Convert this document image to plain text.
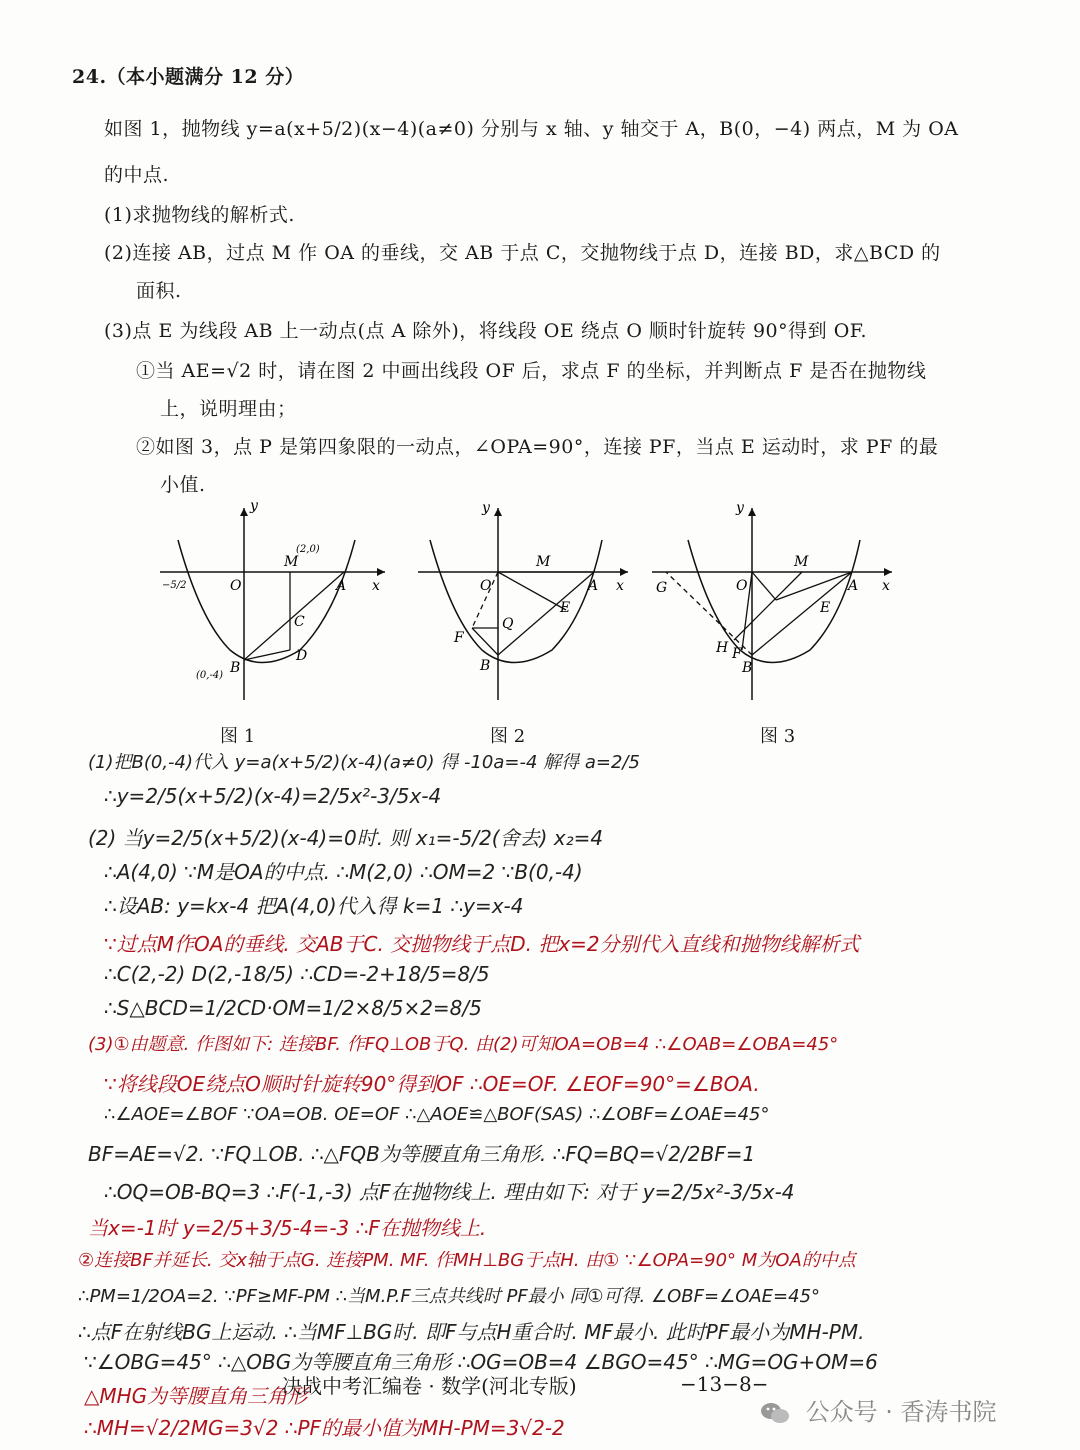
24.（本小题满分 12 分）
如图 1，抛物线 y=a(x+5/2)(x−4)(a≠0) 分别与 x 轴、y 轴交于 A，B(0，−4) 两点，M 为 OA
的中点.
(1)求抛物线的解析式.
(2)连接 AB，过点 M 作 OA 的垂线，交 AB 于点 C，交抛物线于点 D，连接 BD，求△BCD 的
面积.
(3)点 E 为线段 AB 上一动点(点 A 除外)，将线段 OE 绕点 O 顺时针旋转 90°得到 OF.
①当 AE=√2 时，请在图 2 中画出线段 OF 后，求点 F 的坐标，并判断点 F 是否在抛物线
上，说明理由；
②如图 3，点 P 是第四象限的一动点，∠OPA=90°，连接 PF，当点 E 运动时，求 PF 的最
小值.
y
x
O	A
M
(2,0)
C
D
B
(0,-4)
−5/2
图 1
y
x
O	A
M
E
F
Q
B
图 2
y
x
O	A
M
E
G
H F
B
图 3
(1)把B(0,-4)代入 y=a(x+5/2)(x-4)(a≠0) 得 -10a=-4 解得 a=2/5
∴y=2/5(x+5/2)(x-4)=2/5x²-3/5x-4
(2) 当y=2/5(x+5/2)(x-4)=0时. 则 x₁=-5/2(舍去) x₂=4
∴A(4,0) ∵M是OA的中点. ∴M(2,0) ∴OM=2 ∵B(0,-4)
∴设AB: y=kx-4 把A(4,0)代入得 k=1 ∴y=x-4
∵过点M作OA的垂线. 交AB于C. 交抛物线于点D. 把x=2分别代入直线和抛物线解析式
∴C(2,-2) D(2,-18/5) ∴CD=-2+18/5=8/5
∴S△BCD=1/2CD·OM=1/2×8/5×2=8/5
(3)①由题意. 作图如下: 连接BF. 作FQ⊥OB于Q. 由(2)可知OA=OB=4 ∴∠OAB=∠OBA=45°
∵将线段OE绕点O顺时针旋转90°得到OF ∴OE=OF. ∠EOF=90°=∠BOA.
∴∠AOE=∠BOF ∵OA=OB. OE=OF ∴△AOE≌△BOF(SAS) ∴∠OBF=∠OAE=45°
BF=AE=√2. ∵FQ⊥OB. ∴△FQB为等腰直角三角形. ∴FQ=BQ=√2/2BF=1
∴OQ=OB-BQ=3 ∴F(-1,-3) 点F在抛物线上. 理由如下: 对于 y=2/5x²-3/5x-4
当x=-1时 y=2/5+3/5-4=-3 ∴F在抛物线上.
②连接BF并延长. 交x轴于点G. 连接PM. MF. 作MH⊥BG于点H. 由① ∵∠OPA=90° M为OA的中点
∴PM=1/2OA=2. ∵PF≥MF-PM ∴当M.P.F三点共线时 PF最小 同①可得. ∠OBF=∠OAE=45°
∴点F在射线BG上运动. ∴当MF⊥BG时. 即F与点H重合时. MF最小. 此时PF最小为MH-PM.
∵∠OBG=45° ∴△OBG为等腰直角三角形 ∴OG=OB=4 ∠BGO=45° ∴MG=OG+OM=6
△MHG为等腰直角三角形
∴MH=√2/2MG=3√2 ∴PF的最小值为MH-PM=3√2-2
决战中考汇编卷 · 数学(河北专版)	−13−8−
公众号 · 香涛书院
